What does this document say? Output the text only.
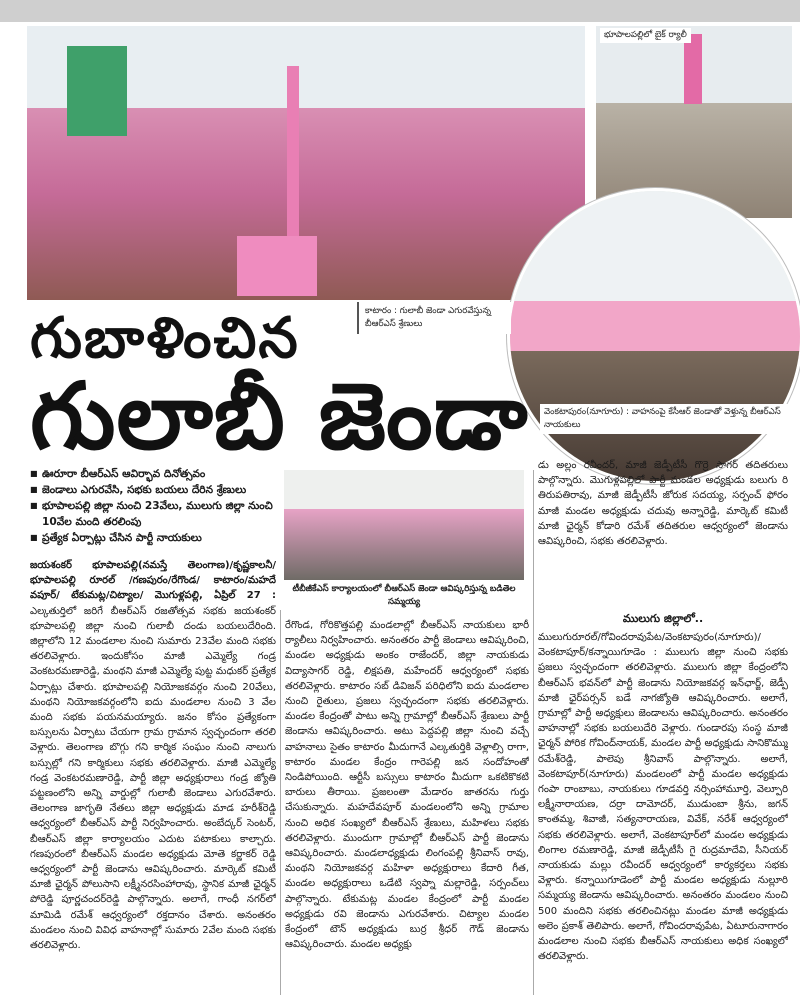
భూపాలపల్లిలో బైక్ ర్యాలీ
వెంకటాపురం(నూగూరు) : వాహనంపై కేసీఆర్ జెండాతో వెళ్తున్న బీఆర్ఎస్ నాయకులు
కాటారం : గులాబీ జెండా ఎగురవేస్తున్న బీఆర్ఎస్ శ్రేణులు
గుబాళించిన
గులాబీ జెండా
■ ఊరూరా బీఆర్ఎస్ ఆవిర్భావ దినోత్సవం
■ జెండాలు ఎగురవేసి, సభకు బయలు దేరిన శ్రేణులు
■ భూపాలపల్లి జిల్లా నుంచి 23వేలు, ములుగు జిల్లా నుంచి 10వేల మంది తరలింపు
■ ప్రత్యేక ఏర్పాట్లు చేసిన పార్టీ నాయకులు
టీబీజీకేఎస్ కార్యాలయంలో బీఆర్ఎస్ జెండా ఆవిష్కరిస్తున్న బడితెల సమ్మయ్య
జయశంకర్ భూపాలపల్లి(నమస్తే తెలంగాణ)/కృష్ణకాలనీ/ భూపాలపల్లి రూరల్ /గణపురం/రేగొండ/ కాటారం/మహదే వపూర్/ టేకుమట్ల/చిట్యాల/ మొగుళ్లపల్లి, ఏప్రిల్ 27 : ఎల్కతుర్తిలో జరిగే బీఆర్ఎస్ రజతోత్సవ సభకు జయశంకర్ భూపాలపల్లి జిల్లా నుంచి గులాబీ దండు బయలుదేరింది. జిల్లాలోని 12 మండలాల నుంచి సుమారు 23వేల మంది సభకు తరలివెళ్లారు. ఇందుకోసం మాజీ ఎమ్మెల్యే గండ్ర వెంకటరమణారెడ్డి, మంథని మాజీ ఎమ్మెల్యే పుట్ట మధుకర్ ప్రత్యేక ఏర్పాట్లు చేశారు. భూపాలపల్లి నియోజకవర్గం నుంచి 20వేలు, మంథని నియోజకవర్గంలోని ఐదు మండలాల నుంచి 3 వేల మంది సభకు పయనమయ్యారు. జనం కోసం ప్రత్యేకంగా బస్సులను ఏర్పాటు చేయగా గ్రామ గ్రామాన స్వచ్ఛందంగా తరలి వెళ్లారు. తెలంగాణ బొగ్గు గని కార్మిక సంఘం నుంచి నాలుగు బస్సుల్లో గని కార్మికులు సభకు తరలివెళ్లారు. మాజీ ఎమ్మెల్యే గండ్ర వెంకటరమణారెడ్డి, పార్టీ జిల్లా అధ్యక్షురాలు గండ్ర జ్యోతి పట్టణంలోని అన్ని వార్డుల్లో గులాబీ జెండాలు ఎగురవేశారు. తెలంగాణ జాగృతి నేతలు జిల్లా అధ్యక్షుడు మాడ హరీశ్‌రెడ్డి ఆధ్వర్యంలో బీఆర్ఎస్ పార్టీ నిర్వహించారు. అంబేద్కర్ సెంటర్, బీఆర్ఎస్ జిల్లా కార్యాలయం ఎదుట పటాకులు కాల్చారు. గణపురంలో బీఆర్ఎస్ మండల అధ్యక్షుడు మోతె కర్ణాకర్ రెడ్డి ఆధ్వర్యంలో పార్టీ జెండాను ఆవిష్కరించారు. మార్కెట్ కమిటీ మాజీ ఛైర్మన్ పోలుసాని లక్ష్మీనరసింహారావు, స్థానిక మాజీ ఛైర్మన్ పోరెడ్డి పూర్ణచందర్‌రెడ్డి పాల్గొన్నారు. అలాగే, గాంధీ నగర్‌లో మామిడి రమేశ్ ఆధ్వర్యంలో రక్తదానం చేశారు. అనంతరం మండలం నుంచి వివిధ వాహనాల్లో సుమారు 2వేల మంది సభకు తరలివెళ్లారు.
రేగొండ, గోరికొత్తపల్లి మండలాల్లో బీఆర్ఎస్ నాయకులు భారీ ర్యాలీలు నిర్వహించారు. అనంతరం పార్టీ జెండాలు ఆవిష్కరించి, మండల అధ్యక్షుడు అంకం రాజేందర్, జిల్లా నాయకుడు విద్యాసాగర్ రెడ్డి, లిక్షపతి, మహేందర్ ఆధ్వర్యంలో సభకు తరలివెళ్లారు. కాటారం సబ్ డివిజన్ పరిధిలోని ఐదు మండలాల నుంచి రైతులు, ప్రజలు స్వచ్ఛందంగా సభకు తరలివెళ్లారు. మండల కేంద్రంతో పాటు అన్ని గ్రామాల్లో బీఆర్ఎస్ శ్రేణులు పార్టీ జెండాను ఆవిష్కరించారు. అటు పెద్దపల్లి జిల్లా నుంచి వచ్చే వాహనాలు సైతం కాటారం మీదుగానే ఎల్కతుర్తికి వెళ్లాల్సి రాగా, కాటారం మండల కేంద్రం గారెపల్లి జన సందోహంతో నిండిపోయింది. ఆర్టీసీ బస్సులు కాటారం మీదుగా ఒకటికొకటి బారులు తీరాయి. ప్రజలంతా మేడారం జాతరను గుర్తు చేసుకున్నారు. మహదేవపూర్ మండలంలోని అన్ని గ్రామాల నుంచి అధిక సంఖ్యలో బీఆర్ఎస్ శ్రేణులు, మహిళలు సభకు తరలివెళ్లారు. ముందుగా గ్రామాల్లో బీఆర్ఎస్ పార్టీ జెండాను ఆవిష్కరించారు. మండలాధ్యక్షుడు లింగంపల్లి శ్రీనివాస్ రావు, మంథని నియోజకవర్గ మహిళా అధ్యక్షురాలు కేదారి గీత, మండల అధ్యక్షురాలు ఒడేటి స్వప్నా మల్లారెడ్డి, సర్పంచ్‌లు పాల్గొన్నారు. టేకుమట్ల మండల కేంద్రంలో పార్టీ మండల అధ్యక్షుడు రవి జెండాను ఎగురవేశారు. చిట్యాల మండల కేంద్రంలో టౌన్ అధ్యక్షుడు బుర్ర శ్రీధర్ గౌడ్ జెండాను ఆవిష్కరించారు. మండల అధ్యక్షు
డు అల్లం రవీందర్, మాజీ జెడ్పీటీసీ గొర్రె సాగర్ తదితరులు పాల్గొన్నారు. మొగుళ్లపల్లిలో పార్టీ మండల అధ్యక్షుడు బలుగు రి తిరుపతిరావు, మాజీ జెడ్పీటీసీ జోరుక సదయ్య, సర్పంచ్ ఫోరం మాజీ మండల అధ్యక్షుడు చదువు అన్నారెడ్డి, మార్కెట్ కమిటీ మాజీ ఛైర్మన్ కోడారి రమేశ్ తదితరుల ఆధ్వర్యంలో జెండాను ఆవిష్కరించి, సభకు తరలివెళ్లారు.
ములుగు జిల్లాలో..
ములుగురూరల్/గోవిందరావుపేట/వెంకటాపురం(నూగూరు)/వెంకటాపూర్/కన్నాయిగూడెం : ములుగు జిల్లా నుంచి సభకు ప్రజలు స్వచ్ఛందంగా తరలివెళ్లారు. ములుగు జిల్లా కేంద్రంలోని బీఆర్ఎస్ భవన్‌లో పార్టీ జెండాను నియోజకవర్గ ఇన్‌ఛార్జ్, జెడ్పీ మాజీ ఛైర్‌పర్సన్ బడే నాగజ్యోతి ఆవిష్కరించారు. అలాగే, గ్రామాల్లో పార్టీ అధ్యక్షులు జెండాలను ఆవిష్కరించారు. అనంతరం వాహనాల్లో సభకు బయలుదేరి వెళ్లారు. గుండారపు సంస్థ మాజీ ఛైర్మన్ పోరిక గోవింద్‌నాయక్, మండల పార్టీ అధ్యక్షుడు సానికొమ్ము రమేశ్‌రెడ్డి, పాలెపు శ్రీనివాస్ పాల్గొన్నారు. అలాగే, వెంకటాపూర్(నూగూరు) మండలంలో పార్టీ మండల అధ్యక్షుడు గంపా రాంబాబు, నాయకులు గూడవర్తి నర్సింహామూర్తి, వెల్పూరి లక్ష్మీనారాయణ, దర్రా దామోదర్, ముడుంబా శ్రీను, జగన్ కాంతమ్మ, శివాజీ, సత్యనారాయణ, వివేక్, నరేశ్ ఆధ్వర్యంలో సభకు తరలివెళ్లారు. అలాగే, వెంకటాపూర్‌లో మండల అధ్యక్షుడు లింగాల రమణారెడ్డి, మాజీ జెడ్పీటీసీ గై రుద్రమాదేవి, సీనియర్ నాయకుడు మల్లు రవీందర్ ఆధ్వర్యంలో కార్యకర్తలు సభకు వెళ్లారు. కన్నాయిగూడెంలో పార్టీ మండల అధ్యక్షుడు నుల్లూరి సమ్మయ్య జెండాను ఆవిష్కరించారు. అనంతరం మండలం నుంచి 500 మందిని సభకు తరలించినట్లు మండల మాజీ అధ్యక్షుడు అలెం ప్రకాశ్ తెలిపారు. అలాగే, గోవిందరావుపేట, ఏటూరునాగారం మండలాల నుంచి సభకు బీఆర్ఎస్ నాయకులు అధిక సంఖ్యలో తరలివెళ్లారు.
